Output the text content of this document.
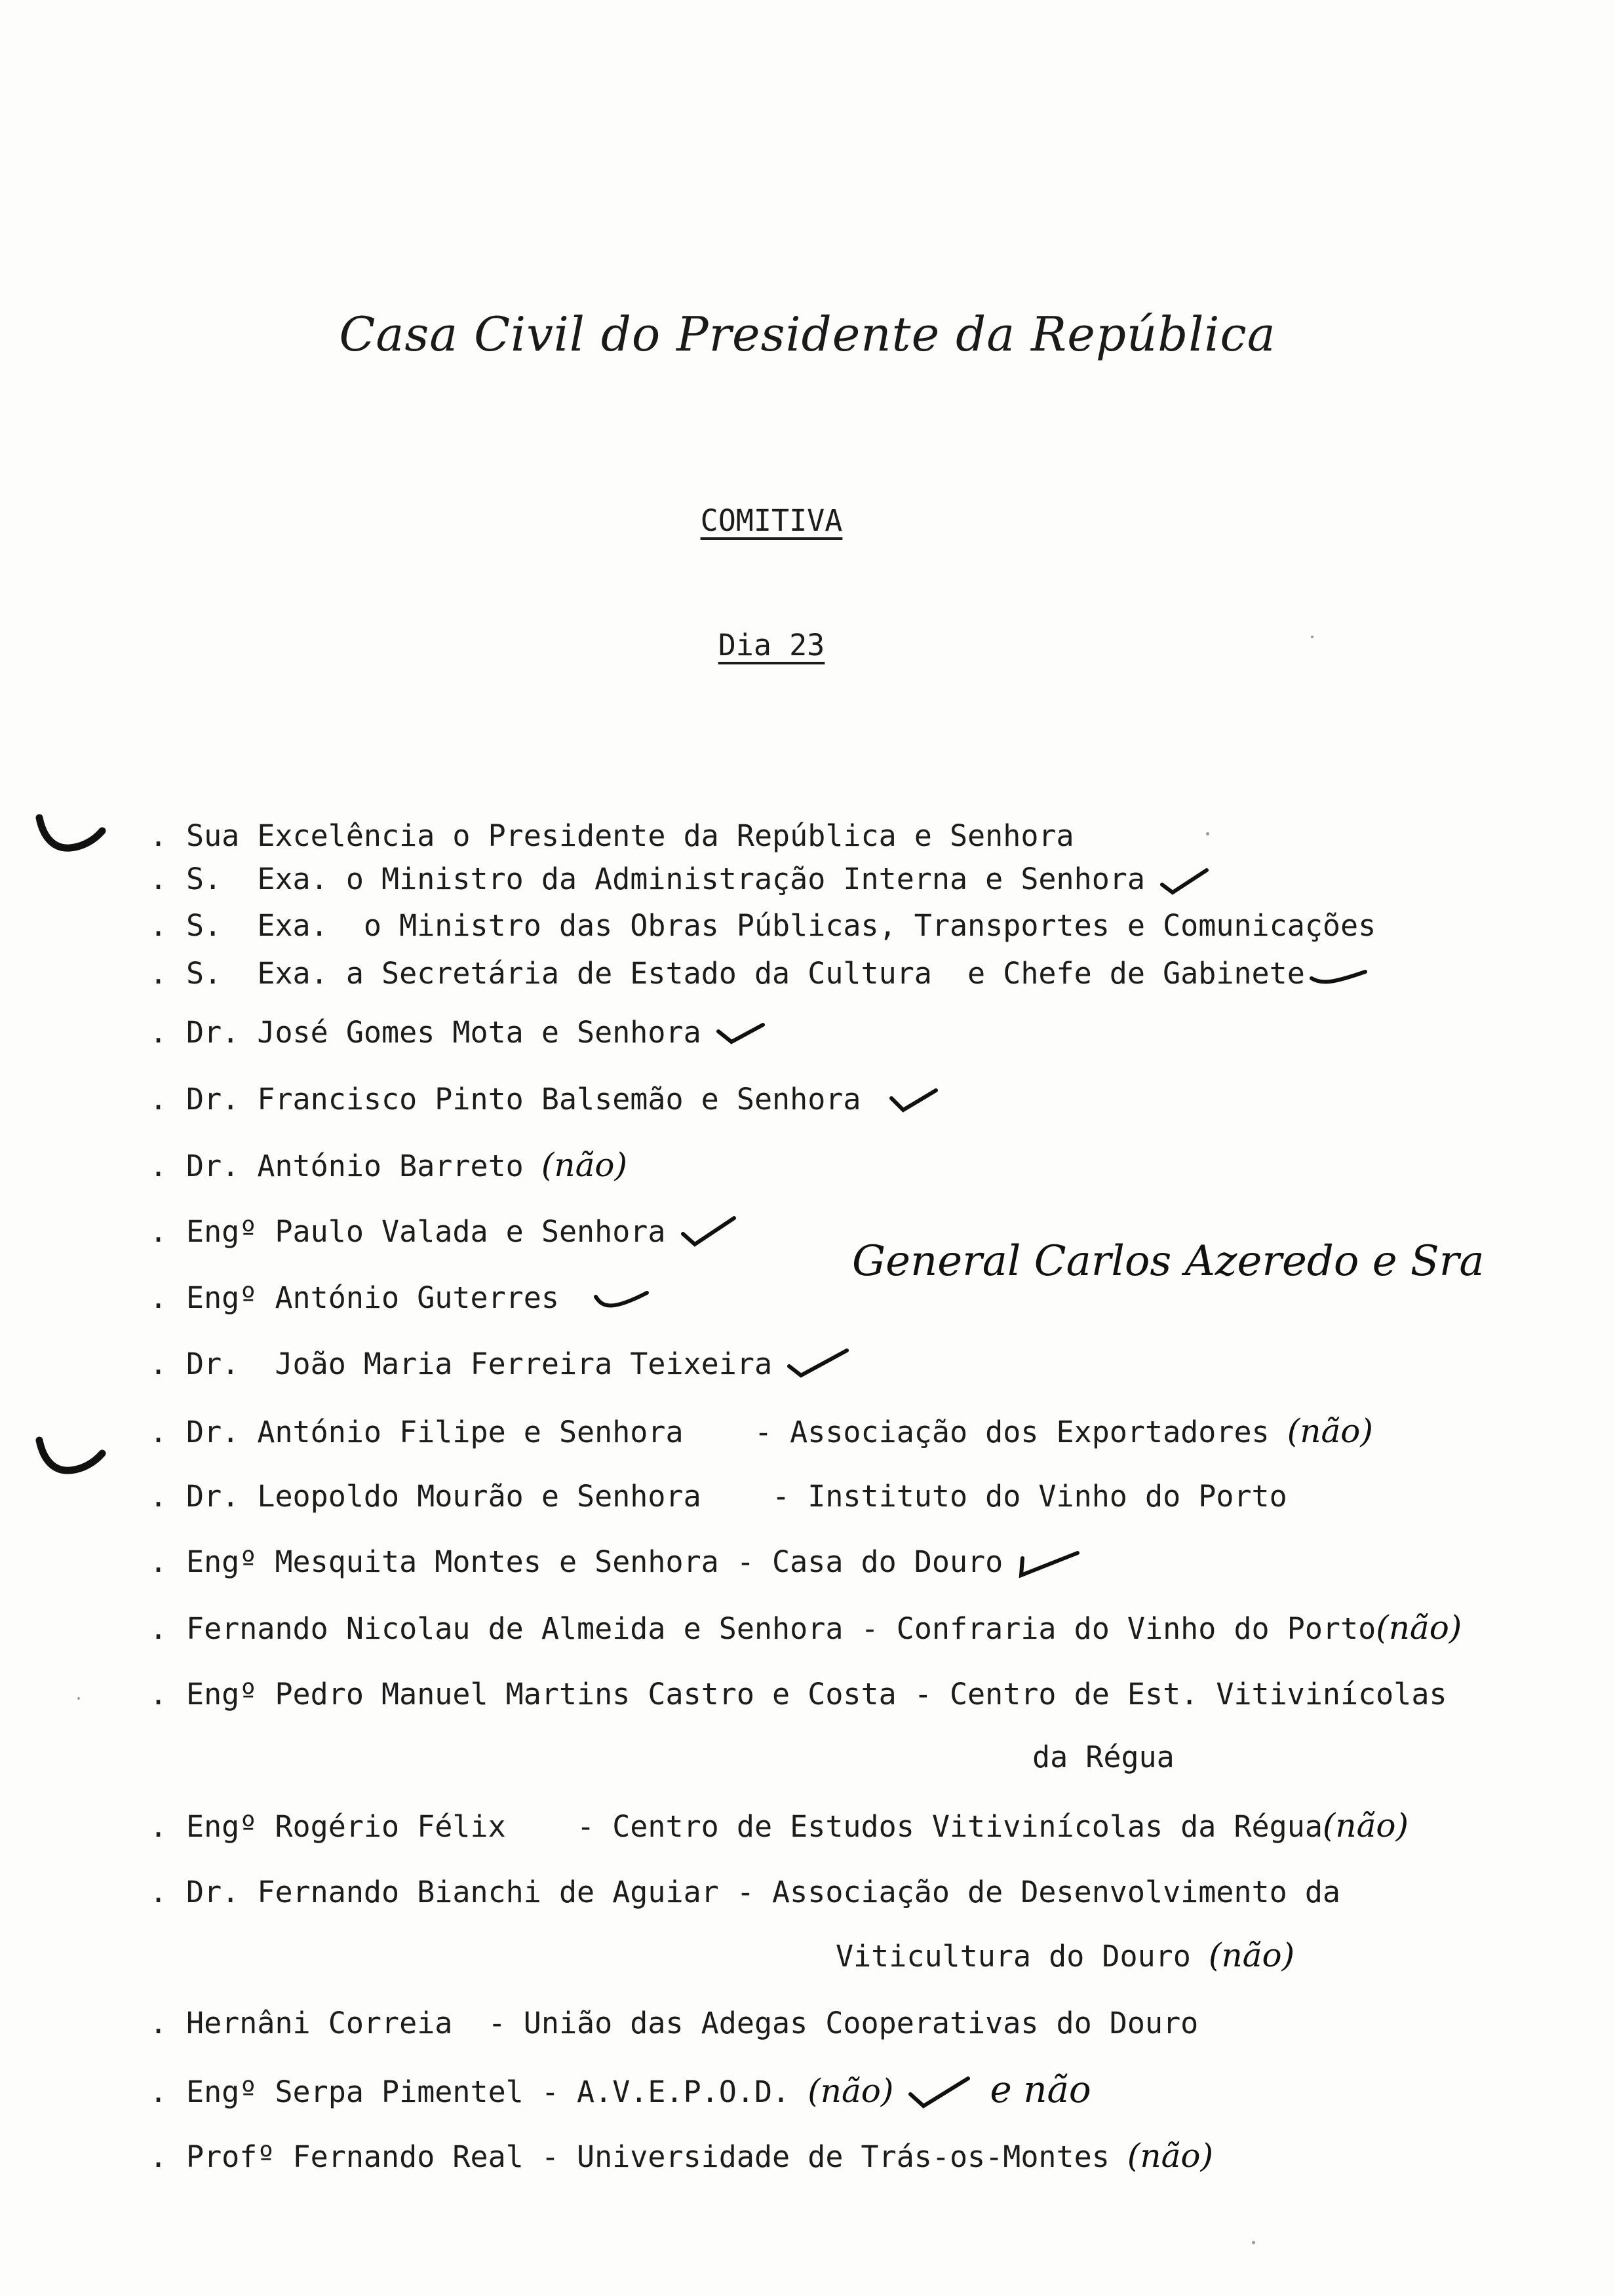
Casa Civil do Presidente da República
COMITIVA
Dia 23
General Carlos Azeredo e Sra
. Sua Excelência o Presidente da República e Senhora
. S.  Exa. o Ministro da Administração Interna e Senhora
. S.  Exa.  o Ministro das Obras Públicas, Transportes e Comunicações
. S.  Exa. a Secretária de Estado da Cultura  e Chefe de Gabinete
. Dr. José Gomes Mota e Senhora
. Dr. Francisco Pinto Balsemão e Senhora
. Dr. António Barreto (não)
. Engº Paulo Valada e Senhora
. Engº António Guterres
. Dr.  João Maria Ferreira Teixeira
. Dr. António Filipe e Senhora    - Associação dos Exportadores (não)
. Dr. Leopoldo Mourão e Senhora    - Instituto do Vinho do Porto
. Engº Mesquita Montes e Senhora - Casa do Douro
. Fernando Nicolau de Almeida e Senhora - Confraria do Vinho do Porto(não)
. Engº Pedro Manuel Martins Castro e Costa - Centro de Est. Vitivinícolas
da Régua
. Engº Rogério Félix    - Centro de Estudos Vitivinícolas da Régua(não)
. Dr. Fernando Bianchi de Aguiar - Associação de Desenvolvimento da
Viticultura do Douro (não)
. Hernâni Correia  - União das Adegas Cooperativas do Douro
. Engº Serpa Pimentel - A.V.E.P.O.D. (não)	e não
. Profº Fernando Real - Universidade de Trás-os-Montes (não)
